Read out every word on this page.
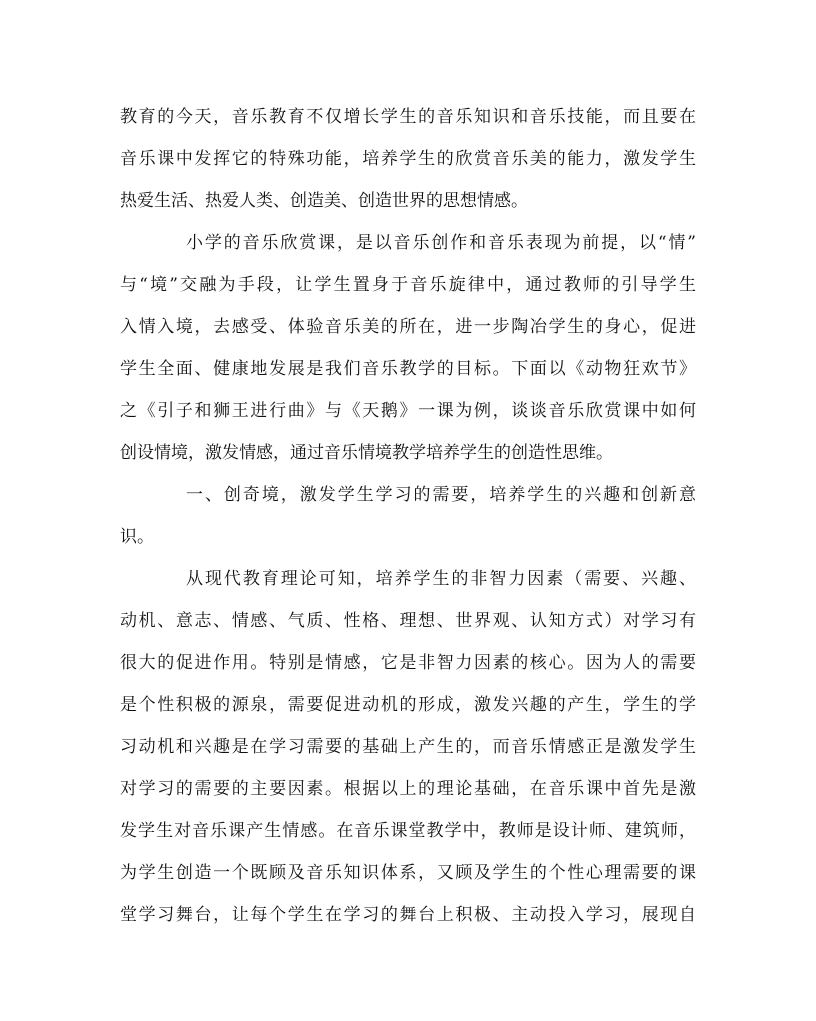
教育的今天，音乐教育不仅增长学生的音乐知识和音乐技能，而且要在
音乐课中发挥它的特殊功能，培养学生的欣赏音乐美的能力，激发学生
热爱生活、热爱人类、创造美、创造世界的思想情感。
小学的音乐欣赏课，是以音乐创作和音乐表现为前提，以“情”
与“境”交融为手段，让学生置身于音乐旋律中，通过教师的引导学生
入情入境，去感受、体验音乐美的所在，进一步陶冶学生的身心，促进
学生全面、健康地发展是我们音乐教学的目标。下面以《动物狂欢节》
之《引子和狮王进行曲》与《天鹅》一课为例，谈谈音乐欣赏课中如何
创设情境，激发情感，通过音乐情境教学培养学生的创造性思维。
一、创奇境，激发学生学习的需要，培养学生的兴趣和创新意
识。
从现代教育理论可知，培养学生的非智力因素（需要、兴趣、
动机、意志、情感、气质、性格、理想、世界观、认知方式）对学习有
很大的促进作用。特别是情感，它是非智力因素的核心。因为人的需要
是个性积极的源泉，需要促进动机的形成，激发兴趣的产生，学生的学
习动机和兴趣是在学习需要的基础上产生的，而音乐情感正是激发学生
对学习的需要的主要因素。根据以上的理论基础，在音乐课中首先是激
发学生对音乐课产生情感。在音乐课堂教学中，教师是设计师、建筑师，
为学生创造一个既顾及音乐知识体系，又顾及学生的个性心理需要的课
堂学习舞台，让每个学生在学习的舞台上积极、主动投入学习，展现自
